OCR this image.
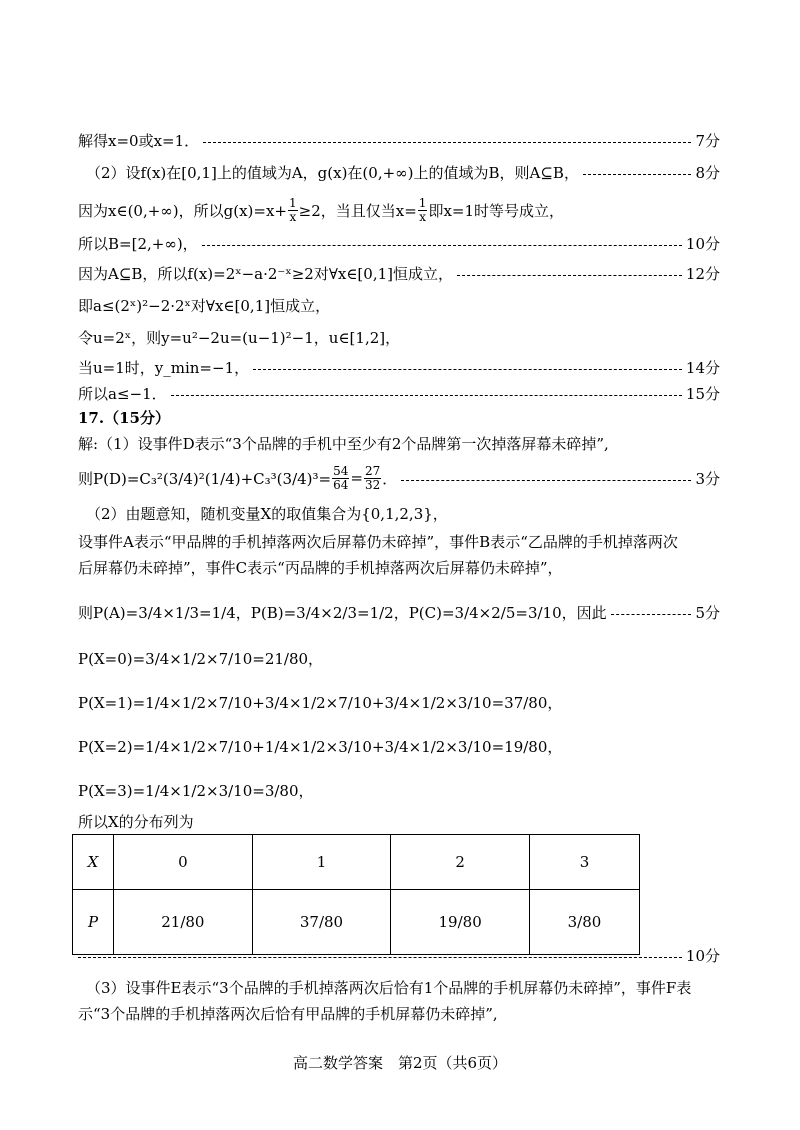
解得x=0或x=1．	7分
（2）设f(x)在[0,1]上的值域为A，g(x)在(0,+∞)上的值域为B，则A⊆B，	8分
因为x∈(0,+∞)，所以$g(x)=x+ \frac{1}{x} \ge 2$，当且仅当$x= \frac{1}{x}$ 即x=1时等号成立，
所以B=[2,+∞)，	10分
因为A⊆B，所以f(x)=2ˣ−a·2⁻ˣ≥2对∀x∈[0,1]恒成立，	12分
即a≤(2ˣ)²−2·2ˣ对∀x∈[0,1]恒成立，
令u=2ˣ，则y=u²−2u=(u−1)²−1，u∈[1,2]，
当u=1时，y_min=−1，	14分
所以a≤−1．	15分
17.（15分）
解:（1）设事件D表示“3个品牌的手机中至少有2个品牌第一次掉落屏幕未碎掉”,
则$P(D)=C_3^2(3/4)^2(1/4)+C_3^3(3/4)^3= \frac{54}{64} = \frac{27}{32}$ ．	3分
（2）由题意知，随机变量X的取值集合为{0,1,2,3}，
设事件A表示“甲品牌的手机掉落两次后屏幕仍未碎掉”，事件B表示“乙品牌的手机掉落两次
后屏幕仍未碎掉”，事件C表示“丙品牌的手机掉落两次后屏幕仍未碎掉”，
则P(A)=3/4×1/3=1/4，P(B)=3/4×2/3=1/2，P(C)=3/4×2/5=3/10，因此	5分
P(X=0)=3/4×1/2×7/10=21/80，
P(X=1)=1/4×1/2×7/10+3/4×1/2×7/10+3/4×1/2×3/10=37/80，
P(X=2)=1/4×1/2×7/10+1/4×1/2×3/10+3/4×1/2×3/10=19/80，
P(X=3)=1/4×1/2×3/10=3/80，
所以X的分布列为
X	0	1	2	3
P	21/80	37/80	19/80	3/80
10分
（3）设事件E表示“3个品牌的手机掉落两次后恰有1个品牌的手机屏幕仍未碎掉”，事件F表
示“3个品牌的手机掉落两次后恰有甲品牌的手机屏幕仍未碎掉”,
高二数学答案　第2页（共6页）
